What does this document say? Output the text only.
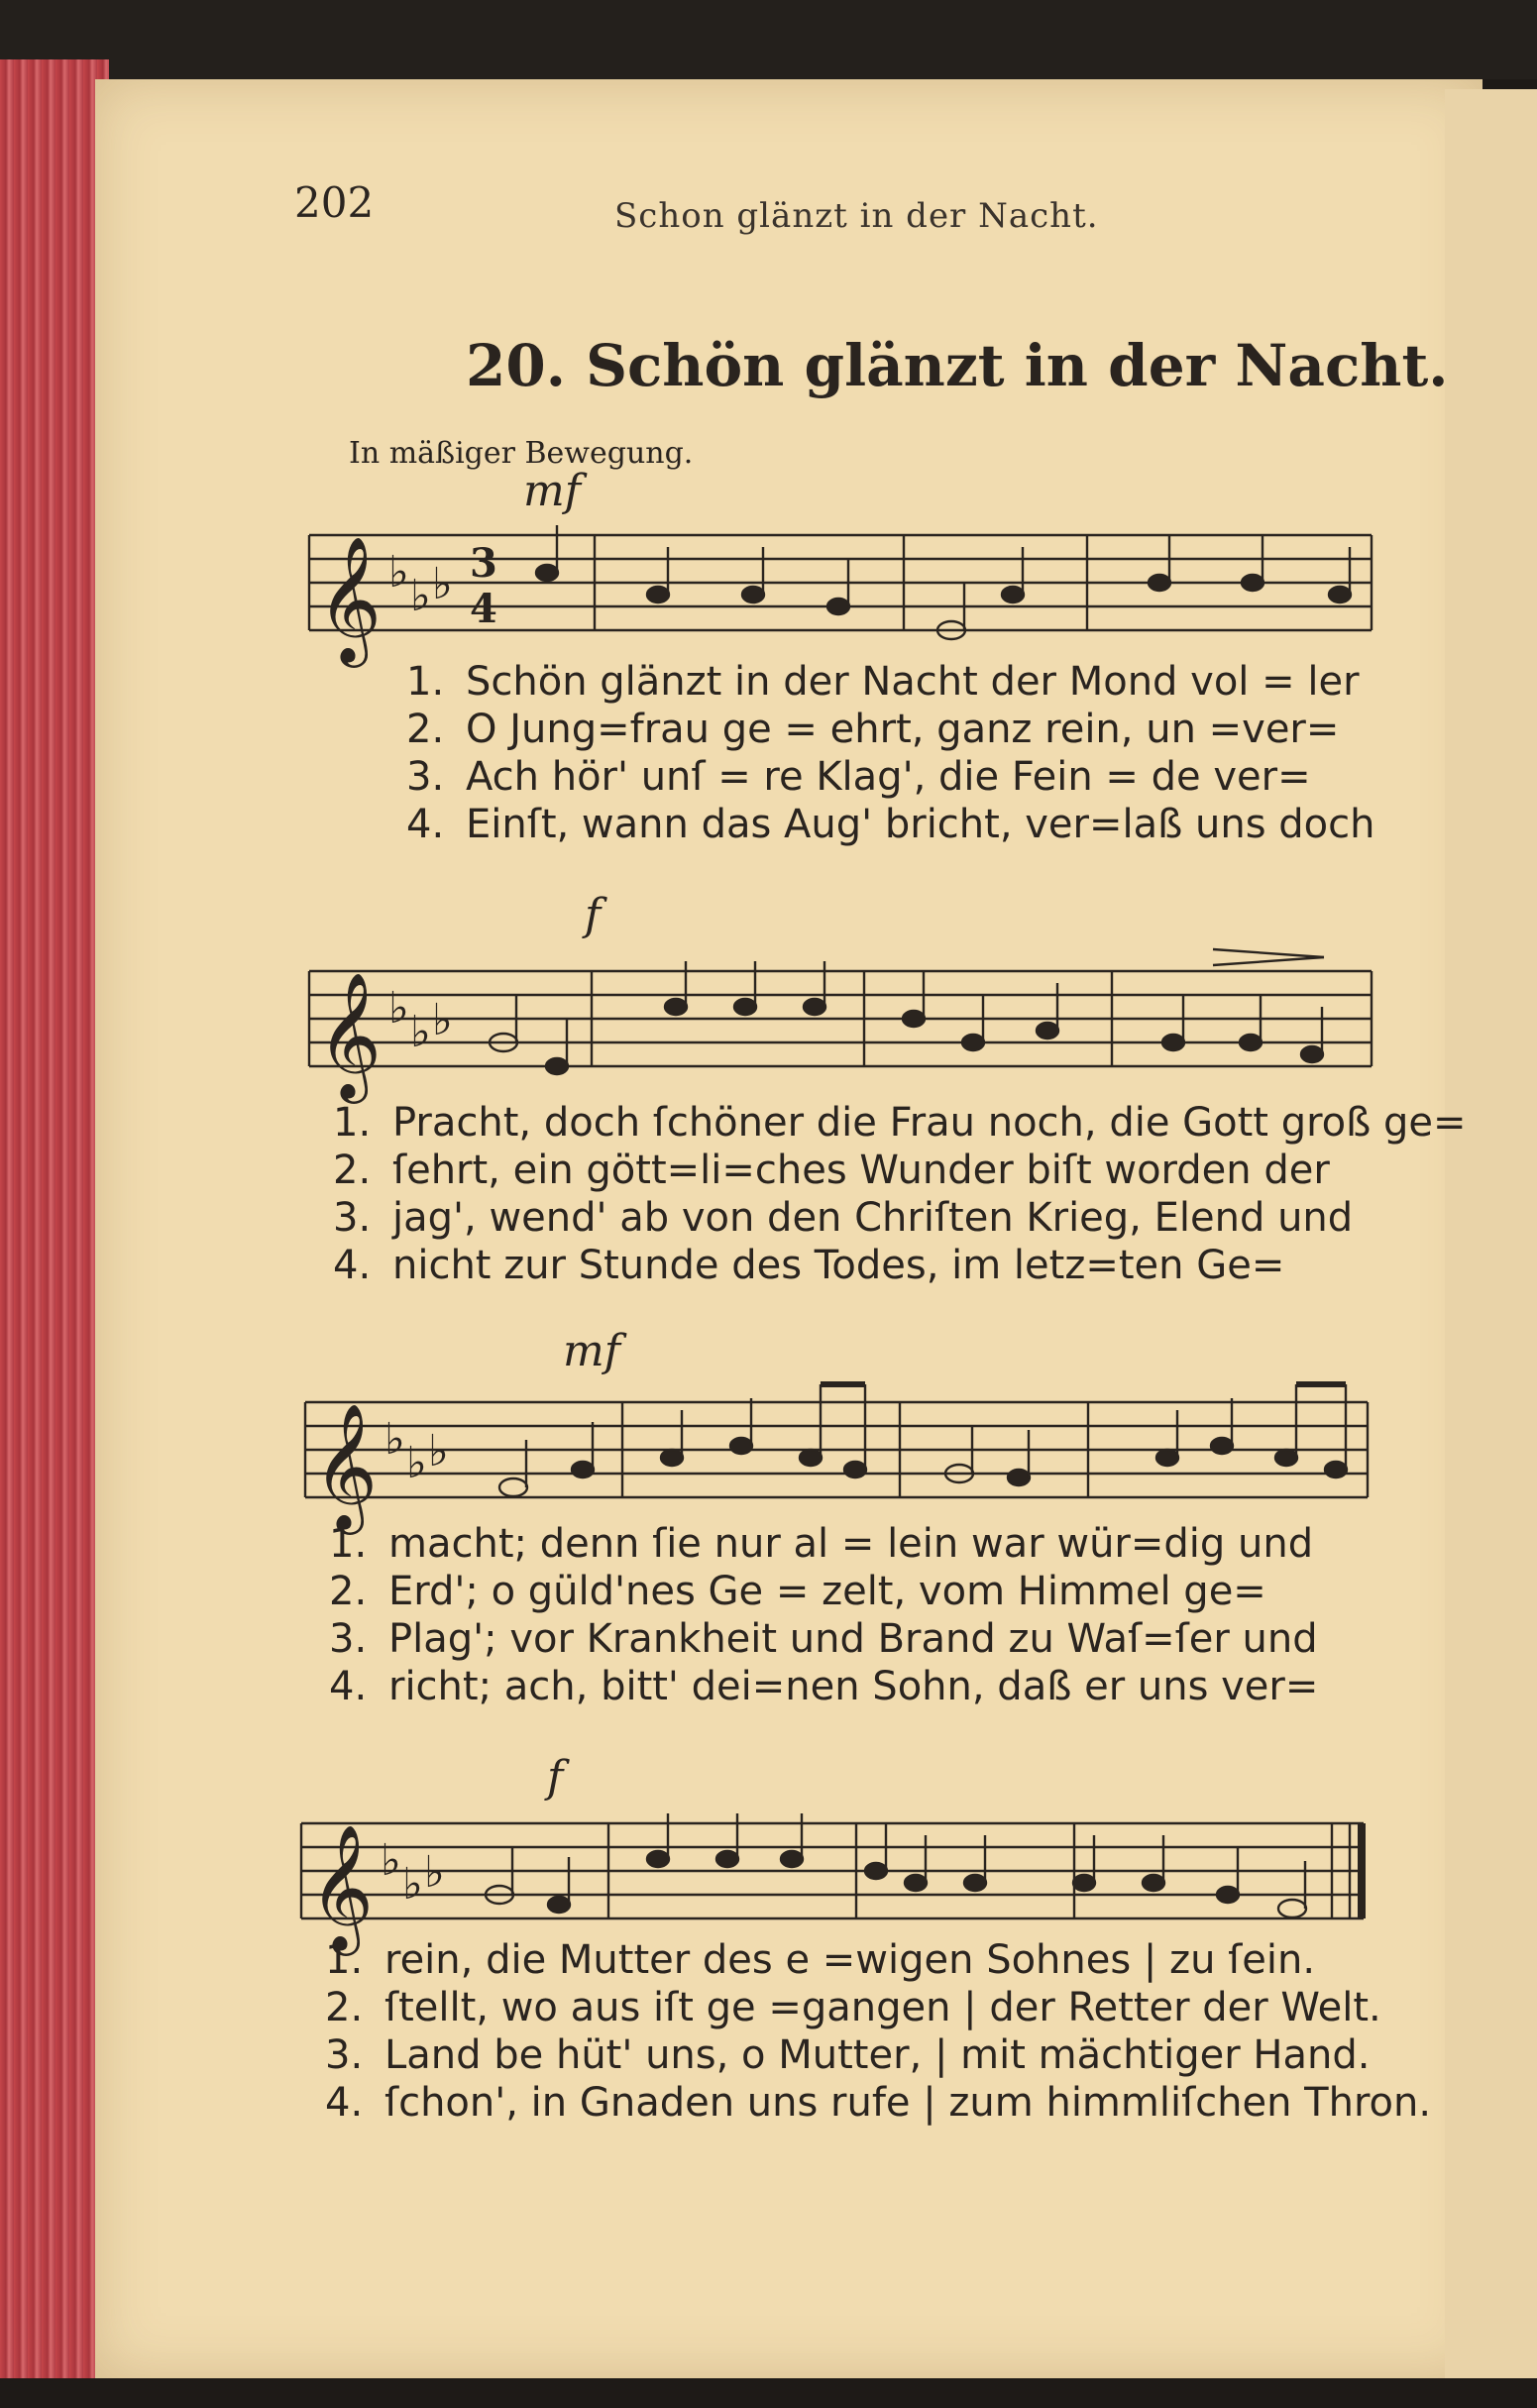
202	Schon glänzt in der Nacht.
20. Schön glänzt in der Nacht.
In mäßiger Bewegung.
mf
𝄞 ♭ ♭ ♭ 3
4
1. Schön glänzt in der Nacht der Mond vol = ler
2. O Jung=frau ge = ehrt, ganz rein, un =ver=
3. Ach hör' unſ = re Klag', die Fein = de ver=
4. Einſt, wann das Aug' bricht, ver=laß uns doch
f
𝄞 ♭ ♭ ♭
1. Pracht, doch ſchöner die Frau noch, die Gott groß ge=
2. ſehrt, ein gött=li=ches Wunder biſt worden der
3. jag', wend' ab von den Chriſten Krieg, Elend und
4. nicht zur Stunde des Todes, im letz=ten Ge=
mf
𝄞 ♭ ♭ ♭
1. macht; denn ſie nur al = lein war wür=dig und
2. Erd'; o güld'nes Ge = zelt, vom Himmel ge=
3. Plag'; vor Krankheit und Brand zu Waſ=ſer und
4. richt; ach, bitt' dei=nen Sohn, daß er uns ver=
f
𝄞 ♭ ♭ ♭
1. rein, die Mutter des e =wigen Sohnes | zu ſein.
2. ſtellt, wo aus iſt ge =gangen | der Retter der Welt.
3. Land be hüt' uns, o Mutter, | mit mächtiger Hand.
4. ſchon', in Gnaden uns rufe | zum himmliſchen Thron.
